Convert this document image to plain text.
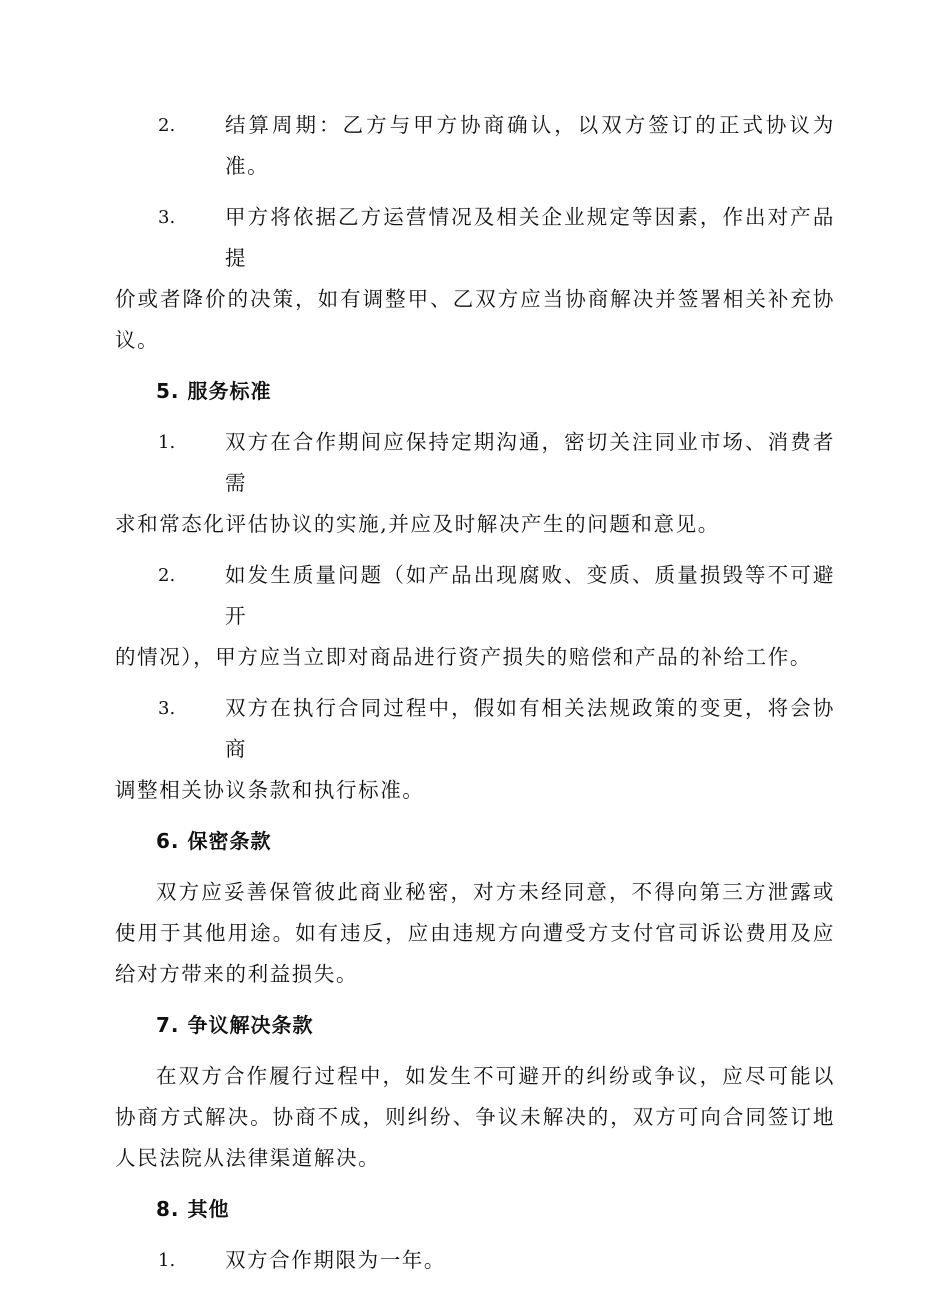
2.	结算周期：乙方与甲方协商确认，以双方签订的正式协议为准。
3.	甲方将依据乙方运营情况及相关企业规定等因素，作出对产品提
价或者降价的决策，如有调整甲、乙双方应当协商解决并签署相关补充协议。
5. 服务标准
1.	双方在合作期间应保持定期沟通，密切关注同业市场、消费者需
求和常态化评估协议的实施,并应及时解决产生的问题和意见。
2.	如发生质量问题（如产品出现腐败、变质、质量损毁等不可避开
的情况），甲方应当立即对商品进行资产损失的赔偿和产品的补给工作。
3.	双方在执行合同过程中，假如有相关法规政策的变更，将会协商
调整相关协议条款和执行标准。
6. 保密条款
双方应妥善保管彼此商业秘密，对方未经同意，不得向第三方泄露或使用于其他用途。如有违反，应由违规方向遭受方支付官司诉讼费用及应给对方带来的利益损失。
7. 争议解决条款
在双方合作履行过程中，如发生不可避开的纠纷或争议，应尽可能以协商方式解决。协商不成，则纠纷、争议未解决的，双方可向合同签订地人民法院从法律渠道解决。
8. 其他
1.	双方合作期限为一年。
